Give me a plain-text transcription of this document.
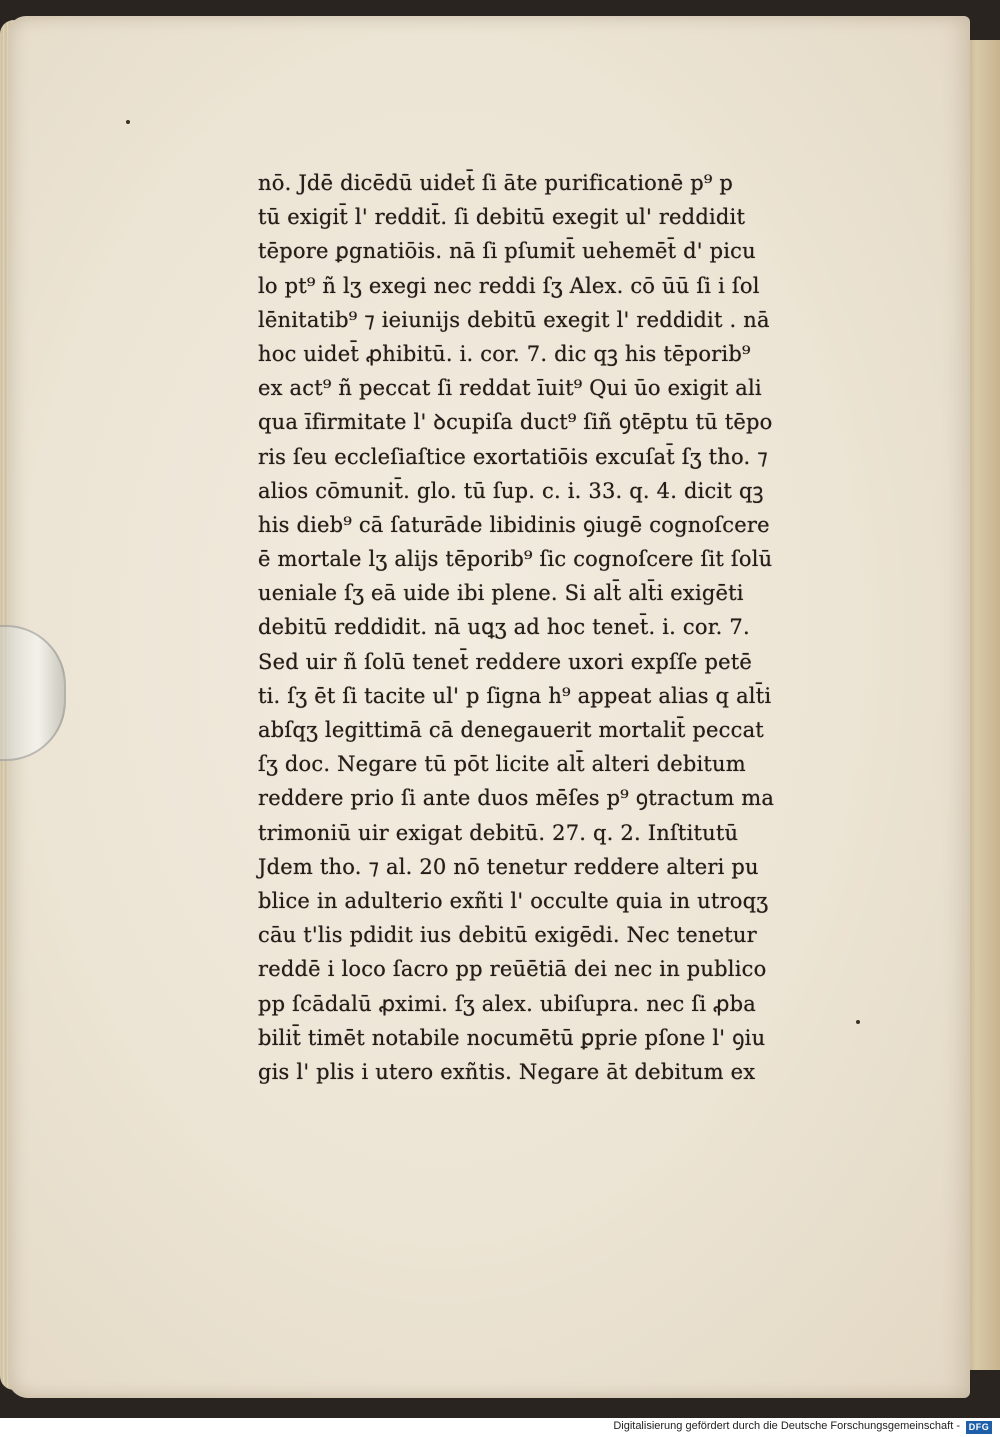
nō. Jdē dicēdū uidet̄ ſi āte purificationē p⁹ p
tū exigit̄ l' reddit̄. ſi debitū exegit ul' reddidit
tēpore ꝑgnatiōis. nā ſi pſumit̄ uehemēt̄ d' picu
lo pt⁹ ñ lʒ exegi nec reddi ſʒ Alex. cō ūū ſi i ſol
lēnitatib⁹ ⁊ ieiunijs debitū exegit l' reddidit . nā
hoc uidet̄ ꝓhibitū. i. cor. 7. dic qꝫ his tēporib⁹
ex act⁹ ñ peccat ſi reddat īuit⁹ Qui ūo exigit ali
qua īfirmitate l' ꝺcupiſa duct⁹ ſiñ ꝯtēptu tū tēpo
ris ſeu eccleſiaſtice exortatiōis excuſat̄ ſʒ tho. ⁊
alios cōmunit̄. glo. tū ſup. c. i. 33. q. 4. dicit qꝫ
his dieb⁹ cā ſaturāde libidinis ꝯiugē cognoſcere
ē mortale lʒ alijs tēporib⁹ ſic cognoſcere ſit ſolū
ueniale ſʒ eā uide ibi plene. Si alt̄ alt̄i exigēti
debitū reddidit. nā uꝗʒ ad hoc tenet̄. i. cor. 7.
Sed uir ñ ſolū tenet̄ reddere uxori expſſe petē
ti. ſʒ ēt ſi tacite ul' p ſigna h⁹ appeat alias q alt̄i
abſqʒ legittimā cā denegauerit mortalit̄ peccat
ſʒ doc. Negare tū pōt licite alt̄ alteri debitum
reddere prio ſi ante duos mēſes p⁹ ꝯtractum ma
trimoniū uir exigat debitū. 27. q. 2. Inſtitutū
Jdem tho. ⁊ al. 20 nō tenetur reddere alteri pu
blice in adulterio exñti l' occulte quia in utroqʒ
cāu t'lis pdidit ius debitū exigēdi. Nec tenetur
reddē i loco ſacro pp reūētiā dei nec in publico
pp ſcādalū ꝓximi. ſʒ alex. ubiſupra. nec ſi ꝓba
bilit̄ timēt notabile nocumētū ꝑprie pſone l' ꝯiu
gis l' plis i utero exñtis. Negare āt debitum ex
Digitalisierung gefördert durch die Deutsche Forschungsgemeinschaft - DFG
